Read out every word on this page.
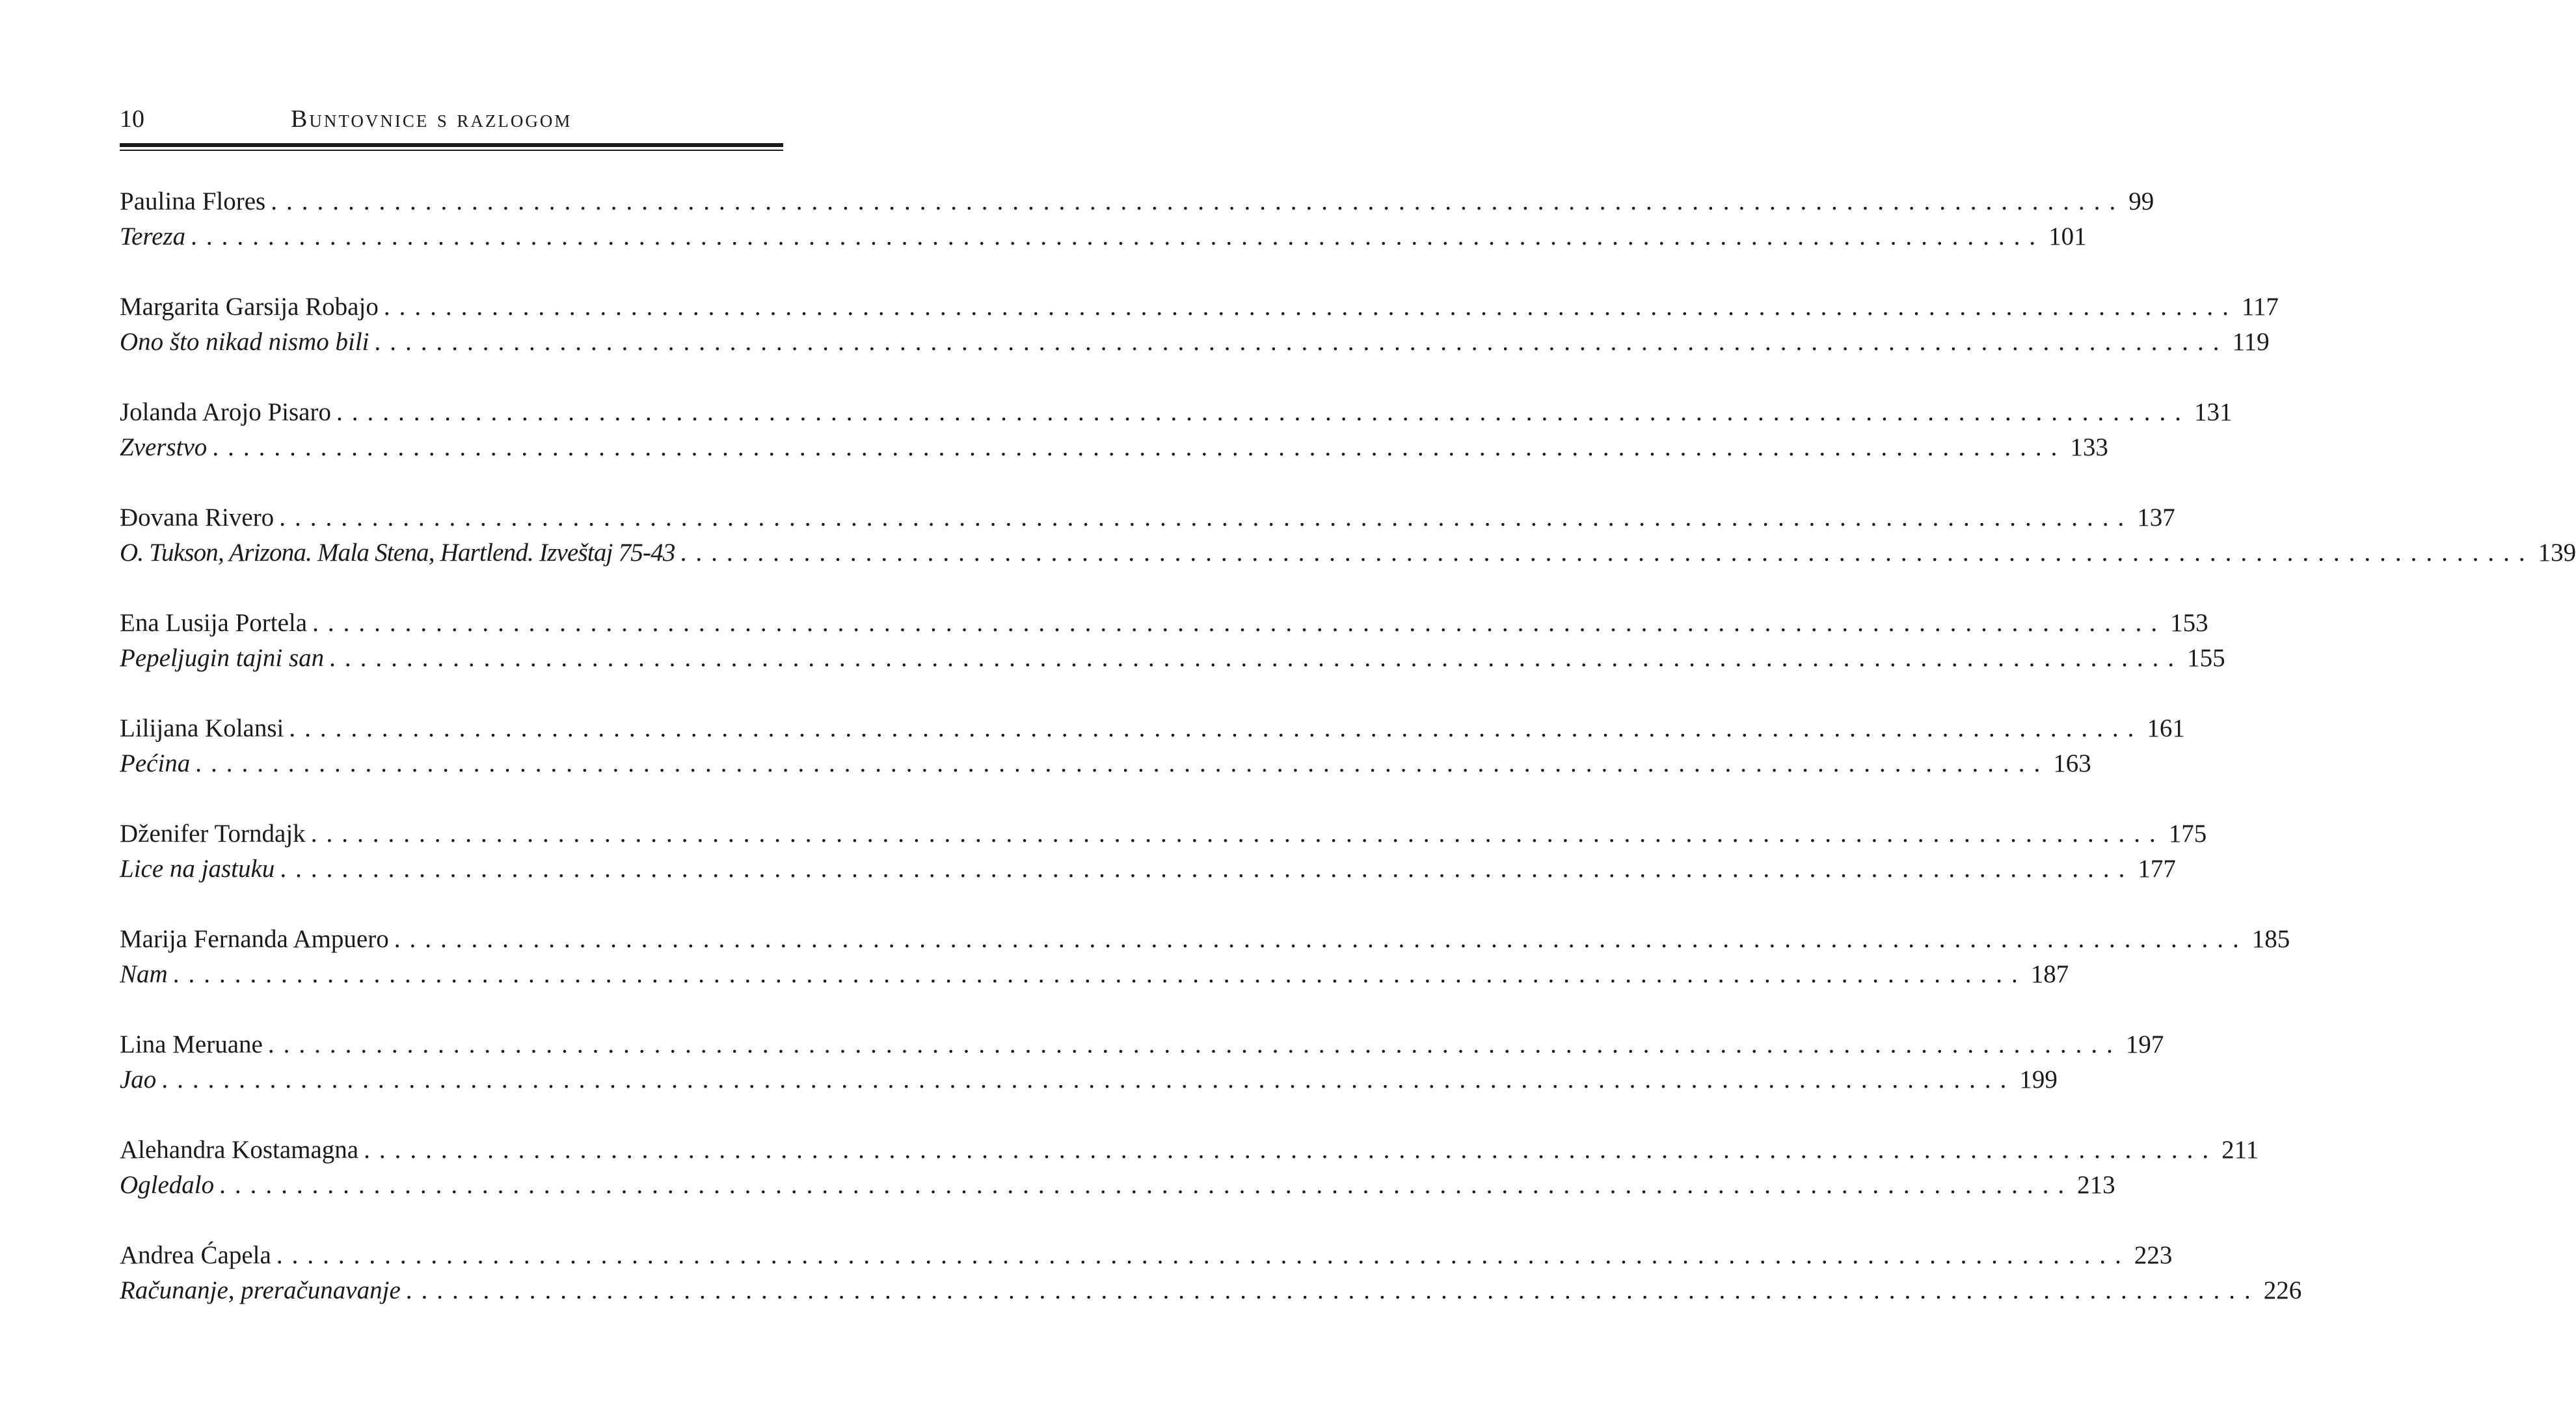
10	Buntovnice s razlogom
Paulina Flores ........................................................................................................................ 99
Tereza ........................................................................................................................ 101
Margarita Garsija Robajo ........................................................................................................................ 117
Ono što nikad nismo bili ........................................................................................................................ 119
Jolanda Arojo Pisaro ........................................................................................................................ 131
Zverstvo ........................................................................................................................ 133
Đovana Rivero ........................................................................................................................ 137
O. Tukson, Arizona. Mala Stena, Hartlend. Izveštaj 75-43 ........................................................................................................................ 139
Ena Lusija Portela ........................................................................................................................ 153
Pepeljugin tajni san ........................................................................................................................ 155
Lilijana Kolansi ........................................................................................................................ 161
Pećina ........................................................................................................................ 163
Dženifer Torndajk ........................................................................................................................ 175
Lice na jastuku ........................................................................................................................ 177
Marija Fernanda Ampuero ........................................................................................................................ 185
Nam ........................................................................................................................ 187
Lina Meruane ........................................................................................................................ 197
Jao ........................................................................................................................ 199
Alehandra Kostamagna ........................................................................................................................ 211
Ogledalo ........................................................................................................................ 213
Andrea Ćapela ........................................................................................................................ 223
Računanje, preračunavanje ........................................................................................................................ 226
